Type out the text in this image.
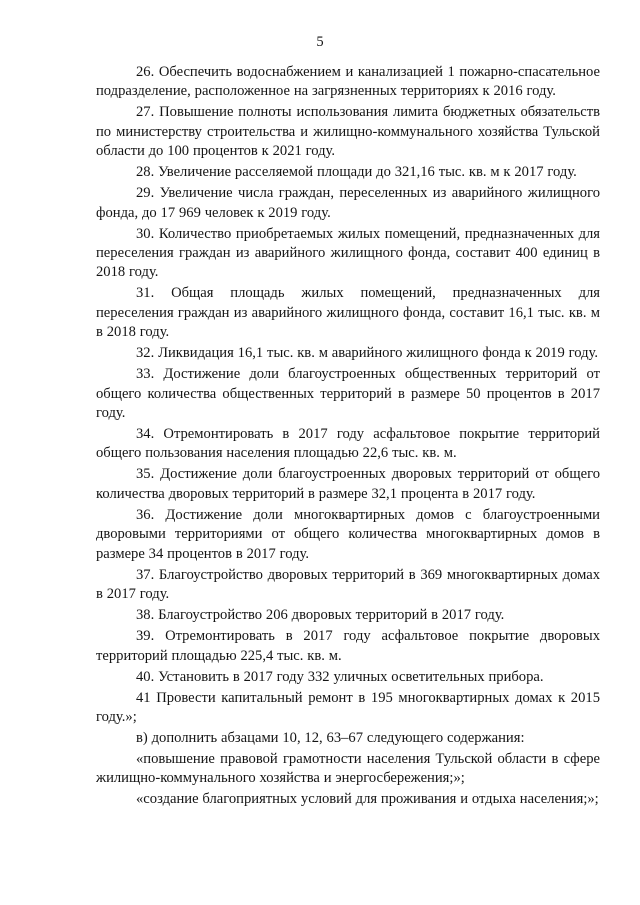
5

26. Обеспечить водоснабжением и канализацией 1 пожарно-спасательное подразделение, расположенное на загрязненных территориях к 2016 году.

27. Повышение полноты использования лимита бюджетных обязательств по министерству строительства и жилищно-коммунального хозяйства Тульской области до 100 процентов к 2021 году.

28. Увеличение расселяемой площади до 321,16 тыс. кв. м к 2017 году.

29. Увеличение числа граждан, переселенных из аварийного жилищного фонда, до 17 969 человек к 2019 году.

30. Количество приобретаемых жилых помещений, предназначенных для переселения граждан из аварийного жилищного фонда, составит 400 единиц в 2018 году.

31. Общая площадь жилых помещений, предназначенных для переселения граждан из аварийного жилищного фонда, составит 16,1 тыс. кв. м в 2018 году.

32. Ликвидация 16,1 тыс. кв. м аварийного жилищного фонда к 2019 году.

33. Достижение доли благоустроенных общественных территорий от общего количества общественных территорий в размере 50 процентов в 2017 году.

34. Отремонтировать в 2017 году асфальтовое покрытие территорий общего пользования населения площадью 22,6 тыс. кв. м.

35. Достижение доли благоустроенных дворовых территорий от общего количества дворовых территорий в размере 32,1 процента в 2017 году.

36. Достижение доли многоквартирных домов с благоустроенными дворовыми территориями от общего количества многоквартирных домов в размере 34 процентов в 2017 году.

37. Благоустройство дворовых территорий в 369 многоквартирных домах в 2017 году.

38. Благоустройство 206 дворовых территорий в 2017 году.

39. Отремонтировать в 2017 году асфальтовое покрытие дворовых территорий площадью 225,4 тыс. кв. м.

40. Установить в 2017 году 332 уличных осветительных прибора.

41 Провести капитальный ремонт в 195 многоквартирных домах к 2015 году.»;

в) дополнить абзацами 10, 12, 63–67 следующего содержания:

«повышение правовой грамотности населения Тульской области в сфере жилищно-коммунального хозяйства и энергосбережения;»;

«создание благоприятных условий для проживания и отдыха населения;»;
